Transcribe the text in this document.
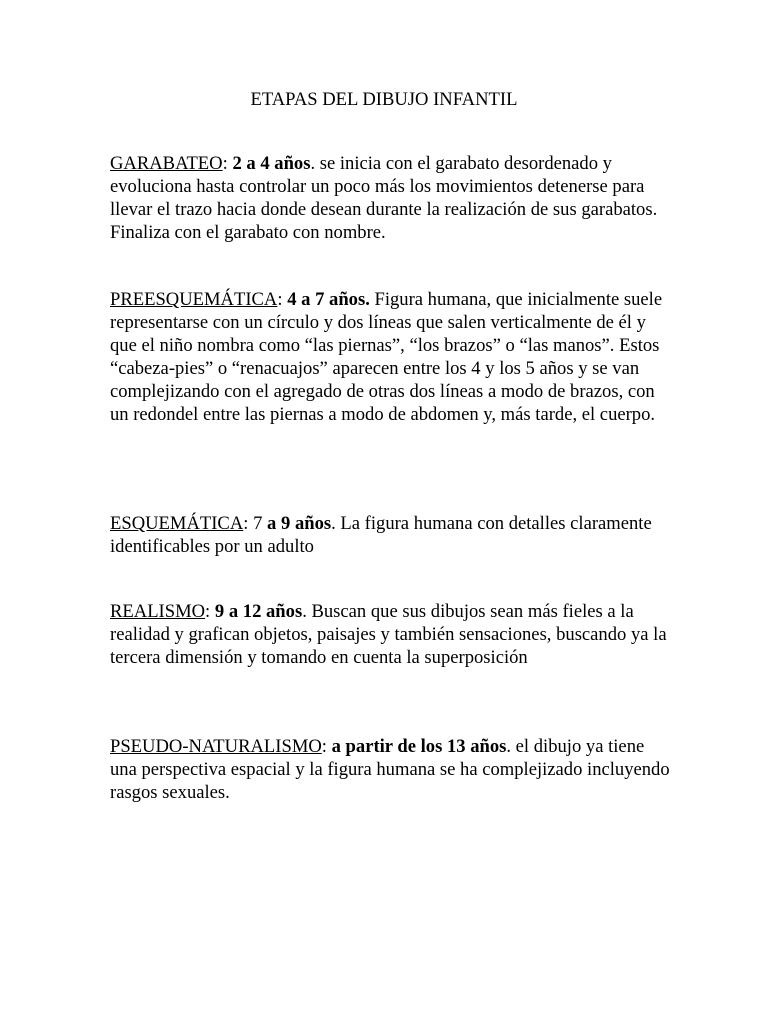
ETAPAS DEL DIBUJO INFANTIL

GARABATEO: 2 a 4 años. se inicia con el garabato desordenado y evoluciona hasta controlar un poco más los movimientos detenerse para llevar el trazo hacia donde desean durante la realización de sus garabatos. Finaliza con el garabato con nombre.

PREESQUEMÁTICA: 4 a 7 años. Figura humana, que inicialmente suele representarse con un círculo y dos líneas que salen verticalmente de él y que el niño nombra como “las piernas”, “los brazos” o “las manos”. Estos “cabeza-pies” o “renacuajos” aparecen entre los 4 y los 5 años y se van complejizando con el agregado de otras dos líneas a modo de brazos, con un redondel entre las piernas a modo de abdomen y, más tarde, el cuerpo.

ESQUEMÁTICA: 7 a 9 años. La figura humana con detalles claramente identificables por un adulto

REALISMO: 9 a 12 años. Buscan que sus dibujos sean más fieles a la realidad y grafican objetos, paisajes y también sensaciones, buscando ya la tercera dimensión y tomando en cuenta la superposición

PSEUDO-NATURALISMO: a partir de los 13 años. el dibujo ya tiene una perspectiva espacial y la figura humana se ha complejizado incluyendo rasgos sexuales.
